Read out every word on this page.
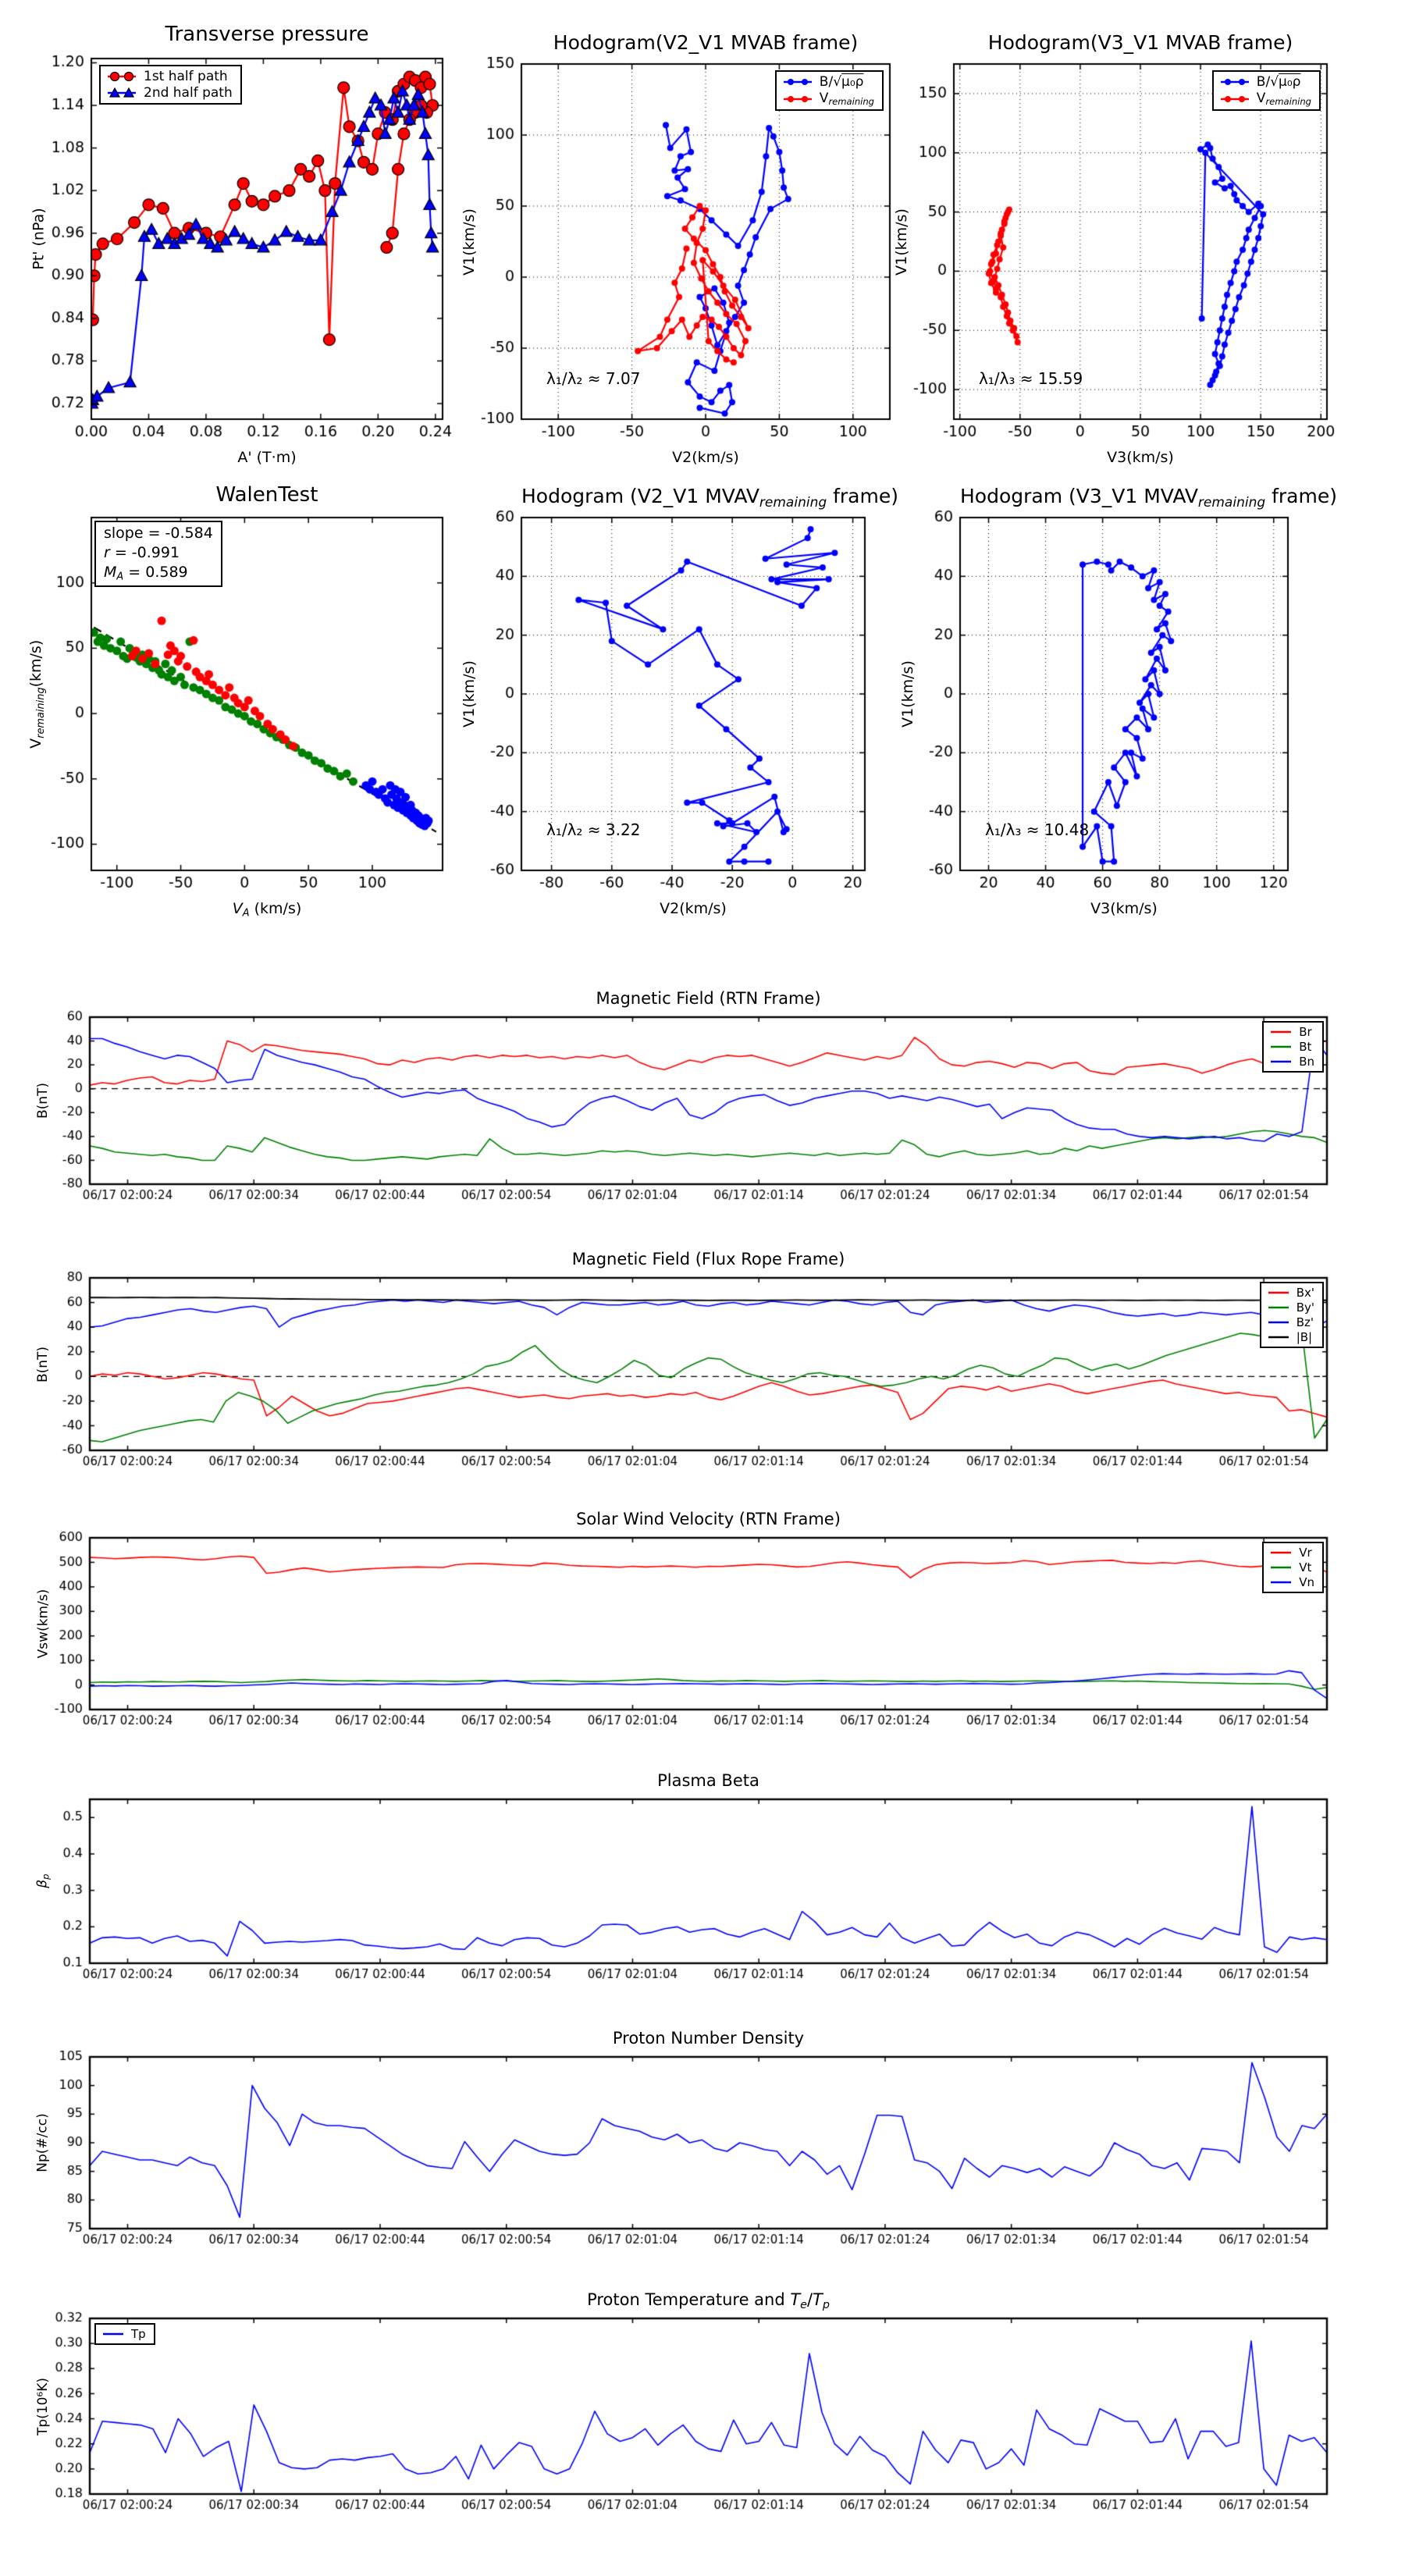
Transverse pressure
Pt' (nPa)
A' (T·m)
1st half path
2nd half path
Hodogram(V2_V1 MVAB frame)
V1(km/s)
V2(km/s)
B/√μ₀ρ
$V_{remaining}$
λ₁/λ₂ ≈ 7.07
Hodogram(V3_V1 MVAB frame)
V1(km/s)
V3(km/s)
B/√μ₀ρ
$V_{remaining}$
λ₁/λ₃ ≈ 15.59
WalenTest
$V_{remaining}(km/s)$
$V_A$ (km/s)
slope = -0.584
r = -0.991
$M_A = 0.589$
Hodogram (V2_V1 $MVAV_{remaining}$ frame)
V1(km/s)
V2(km/s)
λ₁/λ₂ ≈ 3.22
Hodogram (V3_V1 $MVAV_{remaining}$ frame)
V1(km/s)
V3(km/s)
λ₁/λ₃ ≈ 10.48
Magnetic Field (RTN Frame)
B(nT)
Br
Bt
Bn
Magnetic Field (Flux Rope Frame)
B(nT)
Bx'
By'
Bz'
|B|
Solar Wind Velocity (RTN Frame)
Vsw(km/s)
Vr
Vt
Vn
Plasma Beta
$\beta_p$
Proton Number Density
Np(#/cc)
Proton Temperature and $T_e/T_p$
Tp(10⁶K)
Tp
